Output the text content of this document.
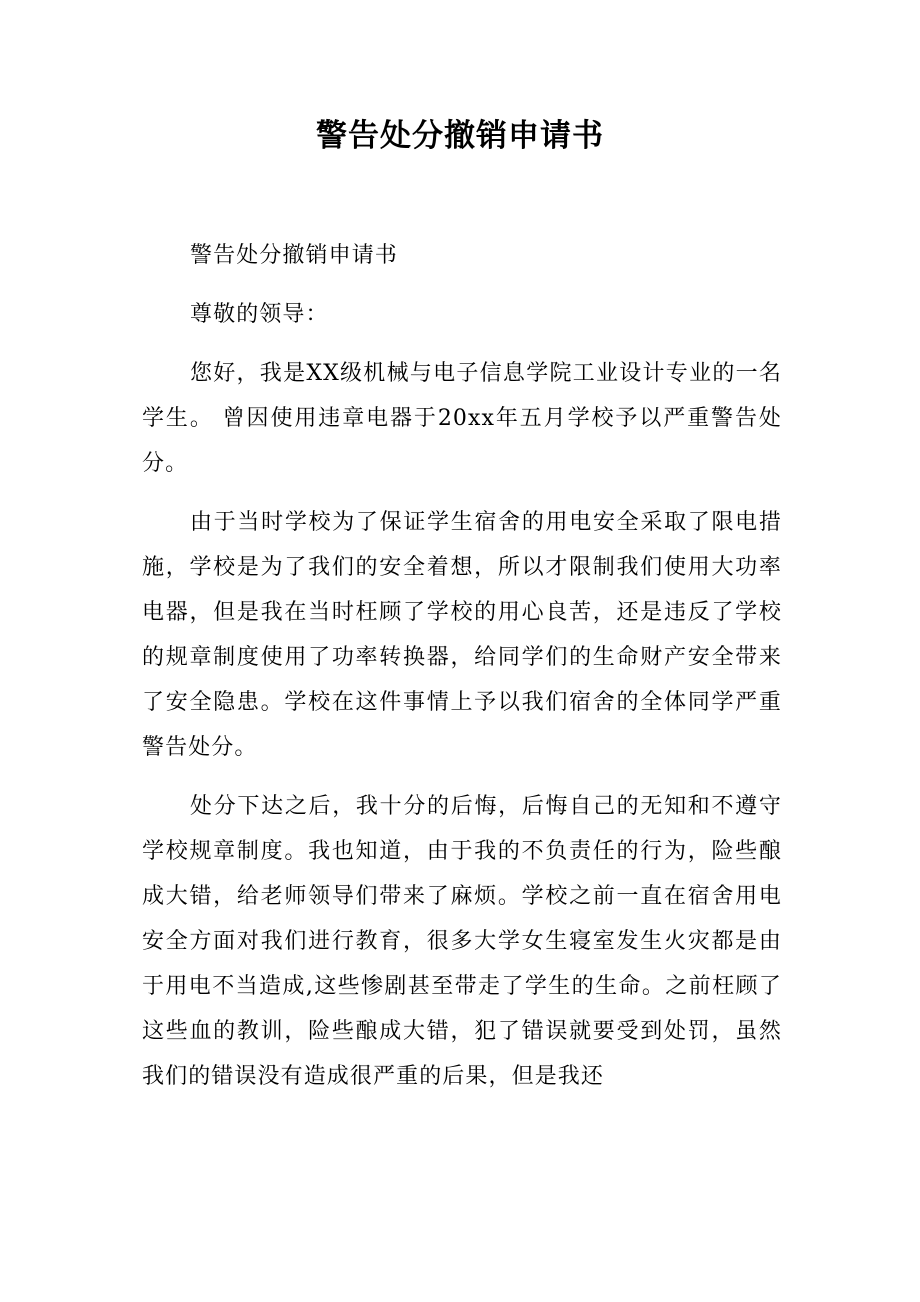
警告处分撤销申请书

警告处分撤销申请书

尊敬的领导：

您好，我是XX级机械与电子信息学院工业设计专业的一名学生。 曾因使用违章电器于20xx年五月学校予以严重警告处分。

由于当时学校为了保证学生宿舍的用电安全采取了限电措施，学校是为了我们的安全着想，所以才限制我们使用大功率电器，但是我在当时枉顾了学校的用心良苦，还是违反了学校的规章制度使用了功率转换器，给同学们的生命财产安全带来了安全隐患。学校在这件事情上予以我们宿舍的全体同学严重警告处分。

处分下达之后，我十分的后悔，后悔自己的无知和不遵守学校规章制度。我也知道，由于我的不负责任的行为，险些酿成大错，给老师领导们带来了麻烦。学校之前一直在宿舍用电安全方面对我们进行教育，很多大学女生寝室发生火灾都是由于用电不当造成,这些惨剧甚至带走了学生的生命。之前枉顾了这些血的教训，险些酿成大错，犯了错误就要受到处罚，虽然我们的错误没有造成很严重的后果，但是我还
